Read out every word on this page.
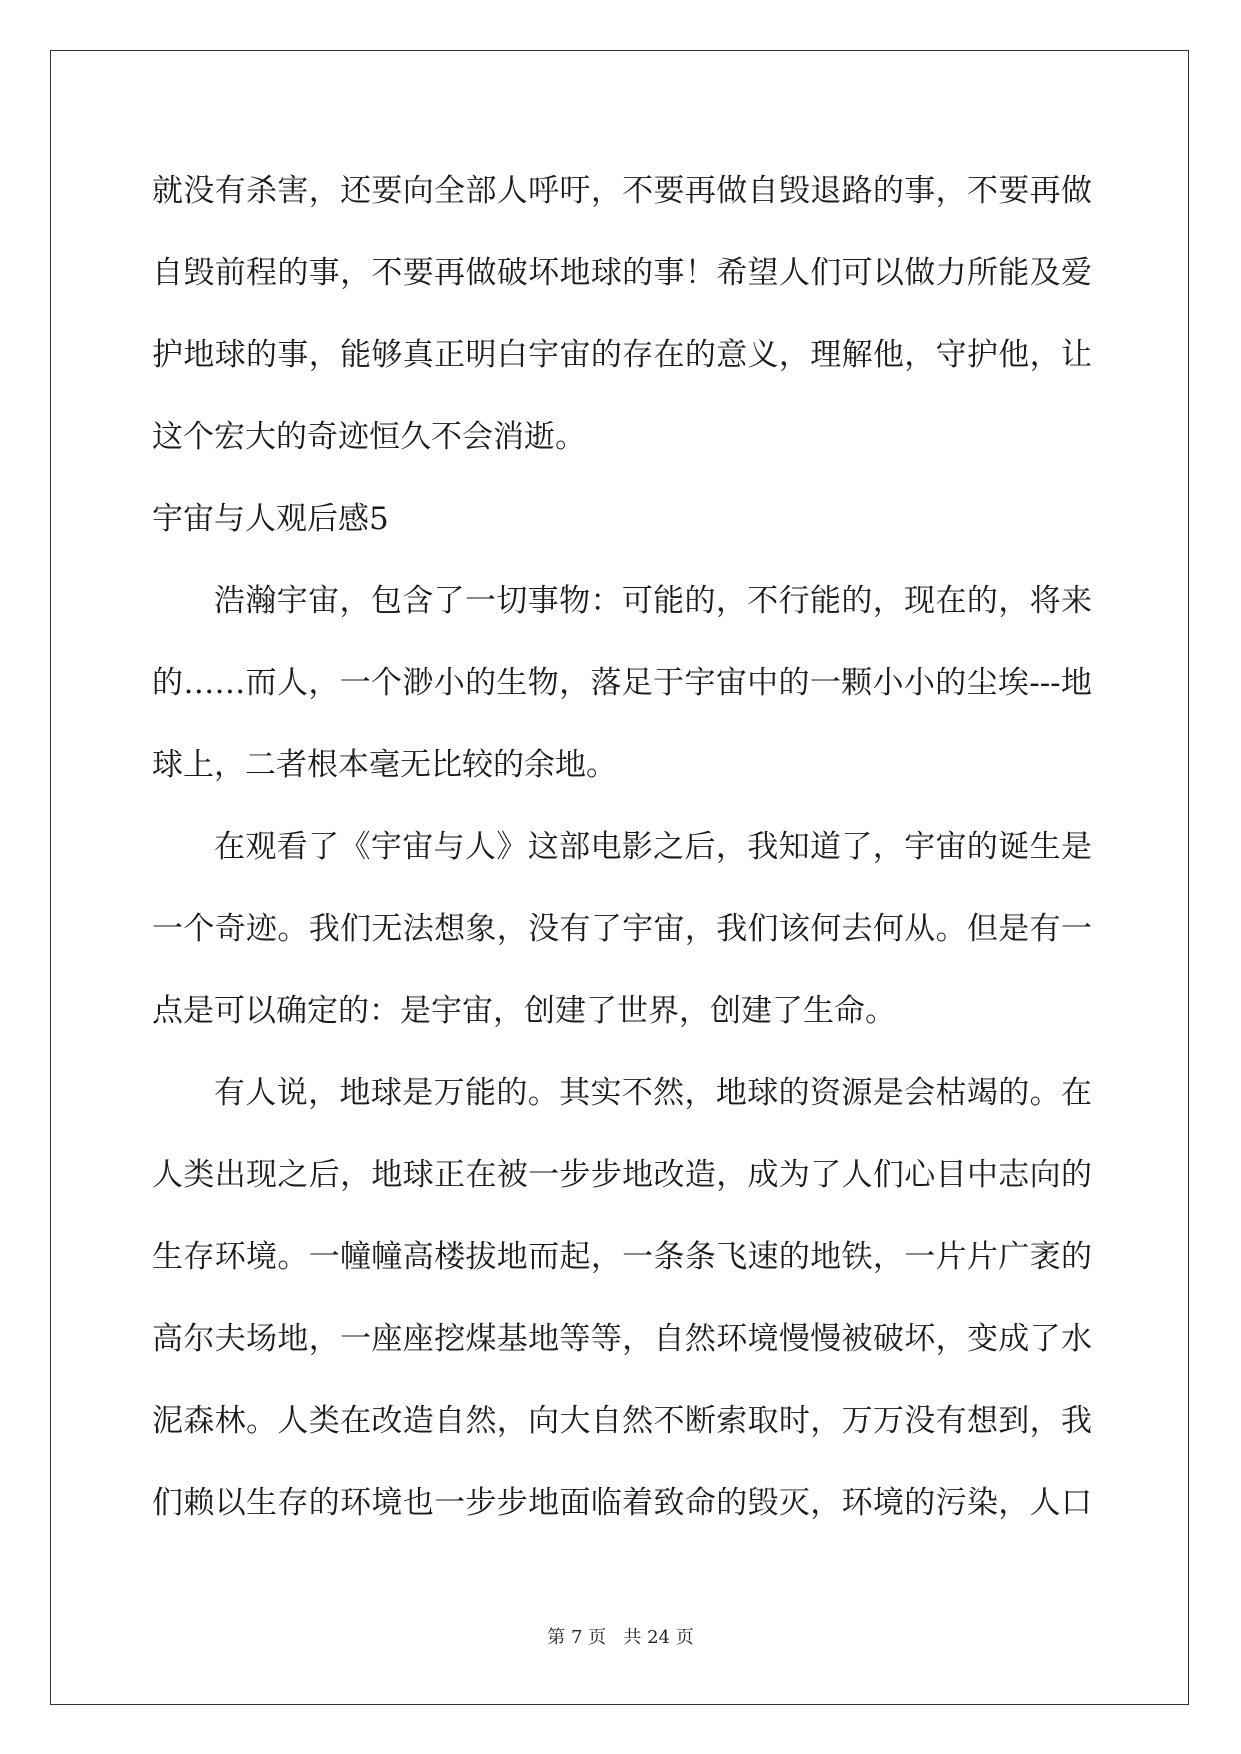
就没有杀害，还要向全部人呼吁，不要再做自毁退路的事，不要再做
自毁前程的事，不要再做破坏地球的事！希望人们可以做力所能及爱
护地球的事，能够真正明白宇宙的存在的意义，理解他，守护他，让
这个宏大的奇迹恒久不会消逝。
宇宙与人观后感5
浩瀚宇宙，包含了一切事物：可能的，不行能的，现在的，将来
的……而人，一个渺小的生物，落足于宇宙中的一颗小小的尘埃---地
球上，二者根本毫无比较的余地。
在观看了《宇宙与人》这部电影之后，我知道了，宇宙的诞生是
一个奇迹。我们无法想象，没有了宇宙，我们该何去何从。但是有一
点是可以确定的：是宇宙，创建了世界，创建了生命。
有人说，地球是万能的。其实不然，地球的资源是会枯竭的。在
人类出现之后，地球正在被一步步地改造，成为了人们心目中志向的
生存环境。一幢幢高楼拔地而起，一条条飞速的地铁，一片片广袤的
高尔夫场地，一座座挖煤基地等等，自然环境慢慢被破坏，变成了水
泥森林。人类在改造自然，向大自然不断索取时，万万没有想到，我
们赖以生存的环境也一步步地面临着致命的毁灭，环境的污染，人口
第 7 页   共 24 页
